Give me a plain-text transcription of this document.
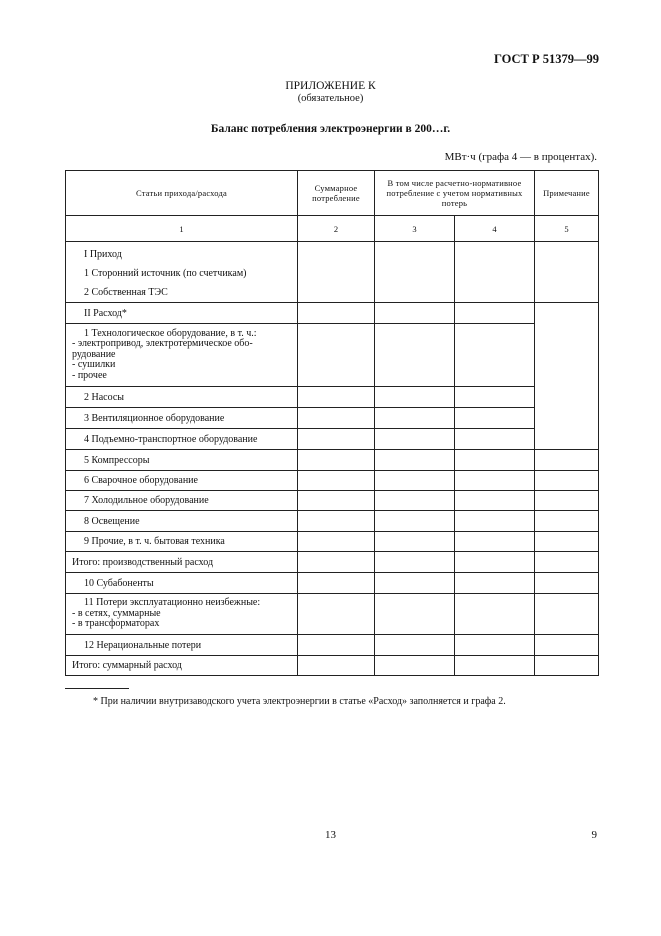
ГОСТ Р 51379—99
ПРИЛОЖЕНИЕ К
(обязательное)
Баланс потребления электроэнергии в 200…г.
МВт·ч (графа 4 — в процентах).
Статьи прихода/расхода	Суммарное потребление	В том числе расчетно-нормативное потребление с учетом нормативных потерь		Примечание
1	2	3	4	5

I Приход
1 Сторонний источник (по счетчикам)
2 Собственная ТЭС				

II Расход*				

1 Технологическое оборудование, в т. ч.:
- электропривод, электротермическое обо-
рудование
- сушилки
- прочее				

2 Насосы				

3 Вентиляционное оборудование				

4 Подъемно-транспортное оборудование				

5 Компрессоры				

6 Сварочное оборудование				

7 Холодильное оборудование				

8 Освещение				

9 Прочие, в т. ч. бытовая техника				

Итого: производственный расход				

10 Субабоненты				

11 Потери эксплуатационно неизбежные:
- в сетях, суммарные
- в трансформаторах				

12 Нерациональные потери				

Итого: суммарный расход				

* При наличии внутризаводского учета электроэнергии в статье «Расход» заполняется и графа 2.
13	9
